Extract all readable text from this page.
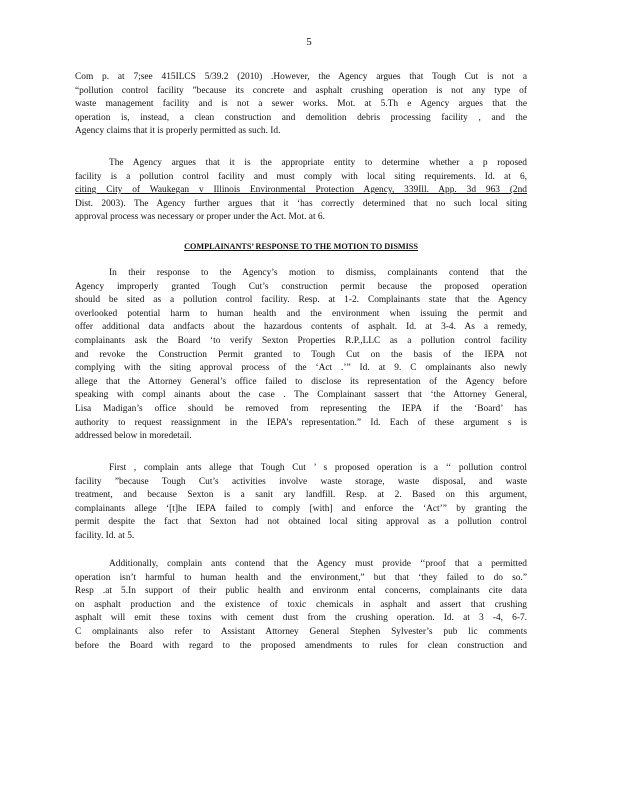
5
Com p. at 7;see 415ILCS 5/39.2 (2010) .However, the Agency argues that Tough Cut is not a
“pollution control facility ”because its concrete and asphalt crushing operation is not any type of
waste management facility and is not a sewer works. Mot. at 5.Th e Agency argues that the
operation is, instead, a clean construction and demolition debris processing facility , and the
Agency claims that it is properly permitted as such. Id.
The Agency argues that it is the appropriate entity to determine whether a p roposed
facility is a pollution control facility and must comply with local siting requirements. Id. at 6,
citing City of Waukegan v Illinois Environmental Protection Agency, 339Ill. App. 3d 963 (2nd
Dist. 2003). The Agency further argues that it ‘has correctly determined that no such local siting
approval process was necessary or proper under the Act. Mot. at 6.
COMPLAINANTS’ RESPONSE TO THE MOTION TO DISMISS
In their response to the Agency’s motion to dismiss, complainants contend that the
Agency improperly granted Tough Cut’s construction permit because the proposed operation
should be sited as a pollution control facility. Resp. at 1-2. Complainants state that the Agency
overlooked potential harm to human health and the environment when issuing the permit and
offer additional data andfacts about the hazardous contents of asphalt. Id. at 3-4. As a remedy,
complainants ask the Board ‘to verify Sexton Properties R.P.,LLC as a pollution control facility
and revoke the Construction Permit granted to Tough Cut on the basis of the IEPA not
complying with the siting approval process of the ‘Act .’” Id. at 9. C omplainants also newly
allege that the Attorney General’s office failed to disclose its representation of the Agency before
speaking with compl ainants about the case . The Complainant sassert that ‘the Attorney General,
Lisa Madigan’s office should be removed from representing the IEPA if the ‘Board’ has
authority to request reassignment in the IEPA’s representation.” Id. Each of these argument s is
addressed below in moredetail.
First , complain ants allege that Tough Cut ’ s proposed operation is a ‘‘ pollution control
facility ”because Tough Cut’s activities involve waste storage, waste disposal, and waste
treatment, and because Sexton is a sanit ary landfill. Resp. at 2. Based on this argument,
complainants allege ‘[t]he IEPA failed to comply [with] and enforce the ‘Act’” by granting the
permit despite the fact that Sexton had not obtained local siting approval as a pollution control
facility. Id. at 5.
Additionally, complain ants contend that the Agency must provide ‘‘proof that a permitted
operation isn’t harmful to human health and the environment,” but that ‘they failed to do so.”
Resp .at 5.In support of their public health and environm ental concerns, complainants cite data
on asphalt production and the existence of toxic chemicals in asphalt and assert that crushing
asphalt will emit these toxins with cement dust from the crushing operation. Id. at 3 -4, 6-7.
C omplainants also refer to Assistant Attorney General Stephen Sylvester’s pub lic comments
before the Board with regard to the proposed amendments to rules for clean construction and
